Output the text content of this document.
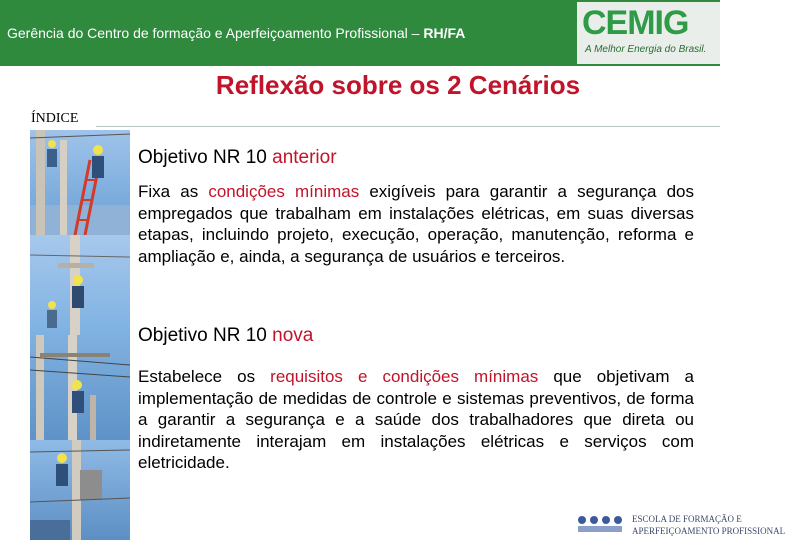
Gerência do Centro de formação e Aperfeiçoamento Profissional – RH/FA	CEMIG
A Melhor Energia do Brasil.
Reflexão sobre os 2 Cenários
ÍNDICE
Objetivo NR 10 anterior
Fixa as condições mínimas exigíveis para garantir a segurança dos empregados que trabalham em instalações elétricas, em suas diversas etapas, incluindo projeto, execução, operação, manutenção, reforma e ampliação e, ainda, a segurança de usuários e terceiros.
Objetivo NR 10 nova
Estabelece os requisitos e condições mínimas que objetivam a implementação de medidas de controle e sistemas preventivos, de forma a garantir a segurança e a saúde dos trabalhadores que direta ou indiretamente interajam em instalações elétricas e serviços com eletricidade.
ESCOLA DE FORMAÇÃO E
APERFEIÇOAMENTO PROFISSIONAL
